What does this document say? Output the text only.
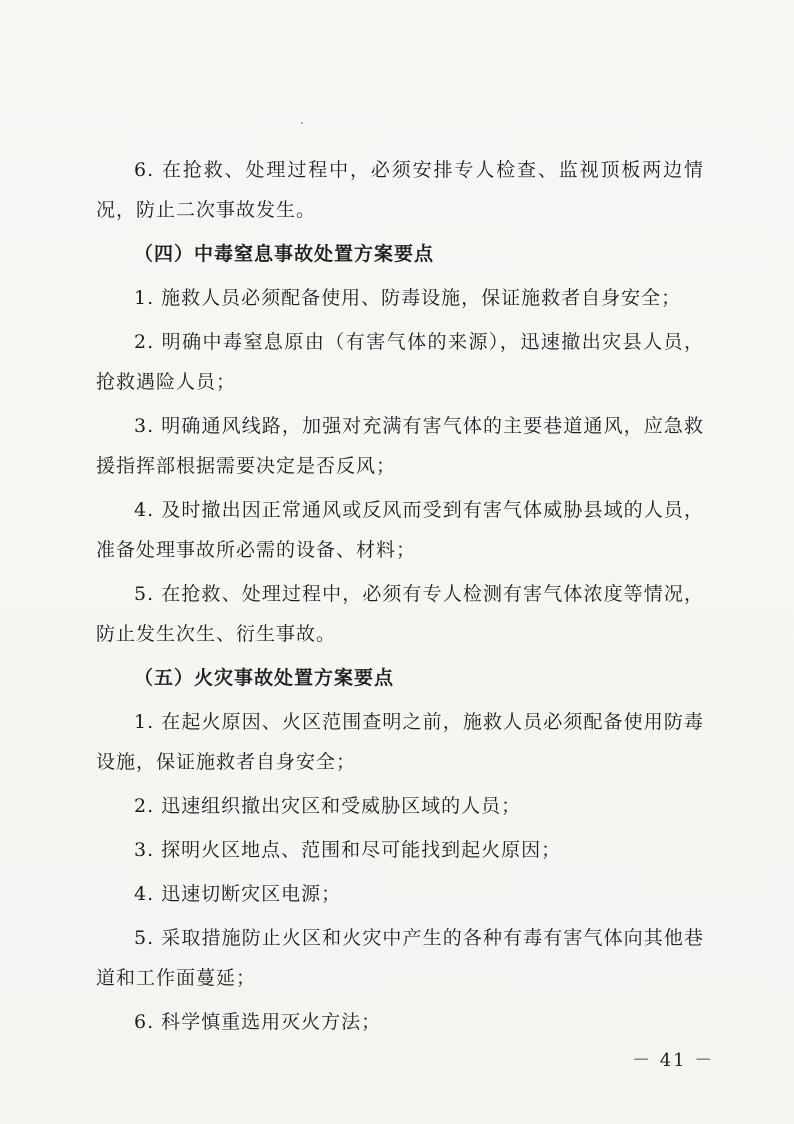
6. 在抢救、处理过程中，必须安排专人检查、监视顶板两边情况，防止二次事故发生。

（四）中毒窒息事故处置方案要点

1. 施救人员必须配备使用、防毒设施，保证施救者自身安全；

2. 明确中毒窒息原由（有害气体的来源），迅速撤出灾县人员，抢救遇险人员；

3. 明确通风线路，加强对充满有害气体的主要巷道通风，应急救援指挥部根据需要决定是否反风；

4. 及时撤出因正常通风或反风而受到有害气体威胁县域的人员，准备处理事故所必需的设备、材料；

5. 在抢救、处理过程中，必须有专人检测有害气体浓度等情况，防止发生次生、衍生事故。

（五）火灾事故处置方案要点

1. 在起火原因、火区范围查明之前，施救人员必须配备使用防毒设施，保证施救者自身安全；

2. 迅速组织撤出灾区和受威胁区域的人员；

3. 探明火区地点、范围和尽可能找到起火原因；

4. 迅速切断灾区电源；

5. 采取措施防止火区和火灾中产生的各种有毒有害气体向其他巷道和工作面蔓延；

6. 科学慎重选用灭火方法；

－ 41 －
